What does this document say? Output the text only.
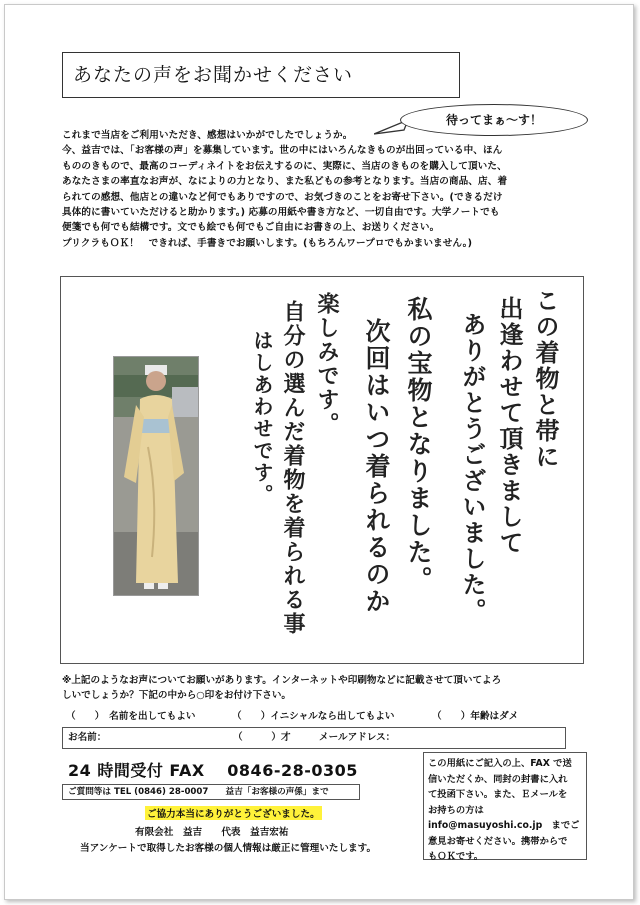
あなたの声をお聞かせください
待ってまぁ～す！
これまで当店をご利用いただき、感想はいかがでしたでしょうか。
今、益吉では、「お客様の声」を募集しています。世の中にはいろんなきものが出回っている中、ほん
もののきもので、最高のコーディネイトをお伝えするのに、実際に、当店のきものを購入して頂いた、
あなたさまの率直なお声が、なによりの力となり、また私どもの参考となります。当店の商品、店、着
られての感想、他店との違いなど何でもありですので、お気づきのことをお寄せ下さい。(できるだけ
具体的に書いていただけると助かります。) 応募の用紙や書き方など、一切自由です。大学ノートでも
便箋でも何でも結構です。文でも絵でも何でもご自由にお書きの上、お送りください。
プリクラもＯＫ！　できれば、手書きでお願いします。(もちろんワープロでもかまいません。)
この着物と帯に
出逢わせて頂きまして
ありがとうございました。
私の宝物となりました。
次回はいつ着られるのか
楽しみです。
自分の選んだ着物を着られる事
はしあわせです。
※上記のようなお声についてお願いがあります。インターネットや印刷物などに記載させて頂いてよろ
しいでしょうか？下記の中から○印をお付け下さい。
（　　）　名前を出してもよい	（　　）イニシャルなら出してもよい	（　　）年齢はダメ
お名前：	（　　　）才	メールアドレス：
24 時間受付 FAX　 0846-28-0305
ご質問等は TEL (0846) 28-0007　　益吉「お客様の声係」まで
ご協力本当にありがとうございました。
有限会社　益吉　　代表　益吉宏祐
当アンケートで取得したお客様の個人情報は厳正に管理いたします。
この用紙にご記入の上、FAX で送
信いただくか、同封の封書に入れ
て投函下さい。また、Ｅメールを
お持ちの方は
info@masuyoshi.co.jp　までご
意見お寄せください。携帯からで
もＯＫです。
